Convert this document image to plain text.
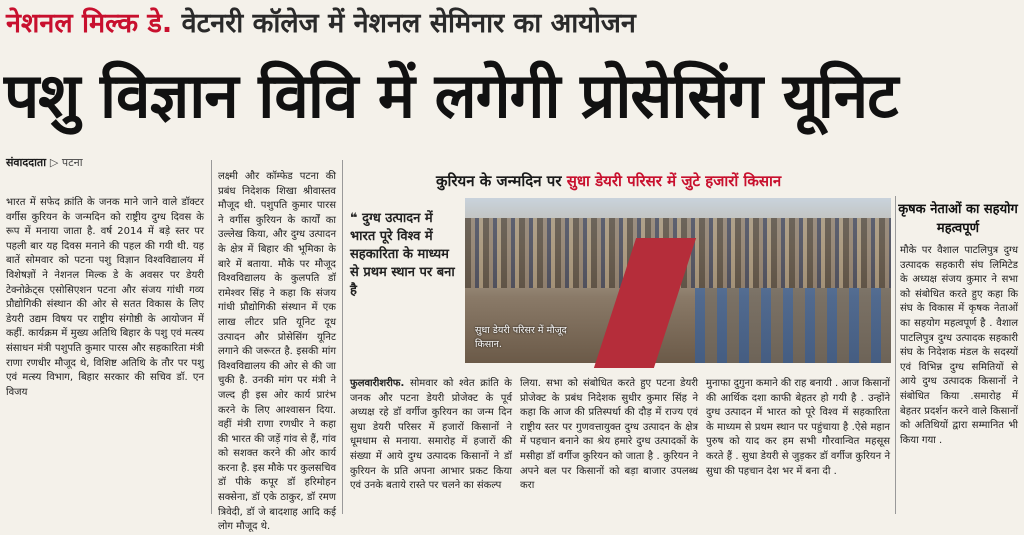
नेशनल मिल्क डे. वेटनरी कॉलेज में नेशनल सेमिनार का आयोजन
पशु विज्ञान विवि में लगेगी प्रोसेसिंग यूनिट
संवाददाता ▷ पटना
भारत में सफेद क्रांति के जनक माने जाने वाले डॉक्टर वर्गीस कुरियन के जन्मदिन को राष्ट्रीय दुग्ध दिवस के रूप में मनाया जाता है. वर्ष 2014 में बड़े स्तर पर पहली बार यह दिवस मनाने की पहल की गयी थी. यह बातें सोमवार को पटना पशु विज्ञान विश्वविद्यालय में विशेषज्ञों ने नेशनल मिल्क डे के अवसर पर डेयरी टेक्नोक्रेट्स एसोसिएशन पटना और संजय गांधी गव्य प्रौद्योगिकी संस्थान की ओर से सतत विकास के लिए डेयरी उद्यम विषय पर राष्ट्रीय संगोष्ठी के आयोजन में कहीं. कार्यक्रम में मुख्य अतिथि बिहार के पशु एवं मत्स्य संसाधन मंत्री पशुपति कुमार पारस और सहकारिता मंत्री राणा रणधीर मौजूद थे, विशिष्ट अतिथि के तौर पर पशु एवं मत्स्य विभाग, बिहार सरकार की सचिव डॉ. एन विजय
लक्ष्मी और कॉम्फेड पटना की प्रबंध निदेशक शिखा श्रीवास्तव मौजूद थी. पशुपति कुमार पारस ने वर्गीस कुरियन के कार्यों का उल्लेख किया, और दुग्ध उत्पादन के क्षेत्र में बिहार की भूमिका के बारे में बताया. मौके पर मौजूद विश्वविद्यालय के कुलपति डॉ रामेश्वर सिंह ने कहा कि संजय गांधी प्रौद्योगिकी संस्थान में एक लाख लीटर प्रति यूनिट दूध उत्पादन और प्रोसेसिंग यूनिट लगाने की जरूरत है. इसकी मांग विश्वविद्यालय की ओर से की जा चुकी है. उनकी मांग पर मंत्री ने जल्द ही इस ओर कार्य प्रारंभ करने के लिए आश्वासन दिया. वहीं मंत्री राणा रणधीर ने कहा की भारत की जड़ें गांव से हैं, गांव को सशक्त करने की ओर कार्य करना है. इस मौके पर कुलसचिव डॉ पीके कपूर डॉ हरिमोहन सक्सेना, डॉ एके ठाकुर, डॉ रमण त्रिवेदी, डॉ जे बादशाह आदि कई लोग मौजूद थे.
कुरियन के जन्मदिन पर सुधा डेयरी परिसर में जुटे हजारों किसान
❝ दुग्ध उत्पादन में भारत पूरे विश्व में सहकारिता के माध्यम से प्रथम स्थान पर बना है
सुधा डेयरी परिसर में मौजूद किसान.
फुलवारीशरीफ. सोमवार को श्वेत क्रांति के जनक और पटना डेयरी प्रोजेक्ट के पूर्व अध्यक्ष रहे डॉ वर्गीज कुरियन का जन्म दिन सुधा डेयरी परिसर में हजारों किसानों ने धूमधाम से मनाया. समारोह में हजारों की संख्या में आये दुग्ध उत्पादक किसानों ने डॉ कुरियन के प्रति अपना आभार प्रकट किया एवं उनके बताये रास्ते पर चलने का संकल्प
लिया. सभा को संबोधित करते हुए पटना डेयरी प्रोजेक्ट के प्रबंध निदेशक सुधीर कुमार सिंह ने कहा कि आज की प्रतिस्पर्धा की दौड़ में राज्य एवं राष्ट्रीय स्तर पर गुणवत्तायुक्त दुग्ध उत्पादन के क्षेत्र में पहचान बनाने का श्रेय हमारे दुग्ध उत्पादकों के मसीहा डॉ वर्गीज कुरियन को जाता है . कुरियन ने अपने बल पर किसानों को बड़ा बाजार उपलब्ध करा
मुनाफा दुगुना कमाने की राह बनायी . आज किसानों की आर्थिक दशा काफी बेहतर हो गयी है . उन्होंने दुग्ध उत्पादन में भारत को पूरे विश्व में सहकारिता के माध्यम से प्रथम स्थान पर पहुंचाया है .ऐसे महान पुरुष को याद कर हम सभी गौरवान्वित महसूस करते हैं . सुधा डेयरी से जुड़कर डॉ वर्गीज कुरियन ने सुधा की पहचान देश भर में बना दी .
कृषक नेताओं का सहयोग महत्वपूर्ण
मौके पर वैशाल पाटलिपुत्र दुग्ध उत्पादक सहकारी संघ लिमिटेड के अध्यक्ष संजय कुमार ने सभा को संबोधित करते हुए कहा कि संघ के विकास में कृषक नेताओं का सहयोग महत्वपूर्ण है . वैशाल पाटलिपुत्र दुग्ध उत्पादक सहकारी संघ के निदेशक मंडल के सदस्यों एवं विभिन्न दुग्ध समितियों से आये दुग्ध उत्पादक किसानों ने संबोधित किया .समारोह में बेहतर प्रदर्शन करने वाले किसानों को अतिथियों द्वारा सम्मानित भी किया गया .
